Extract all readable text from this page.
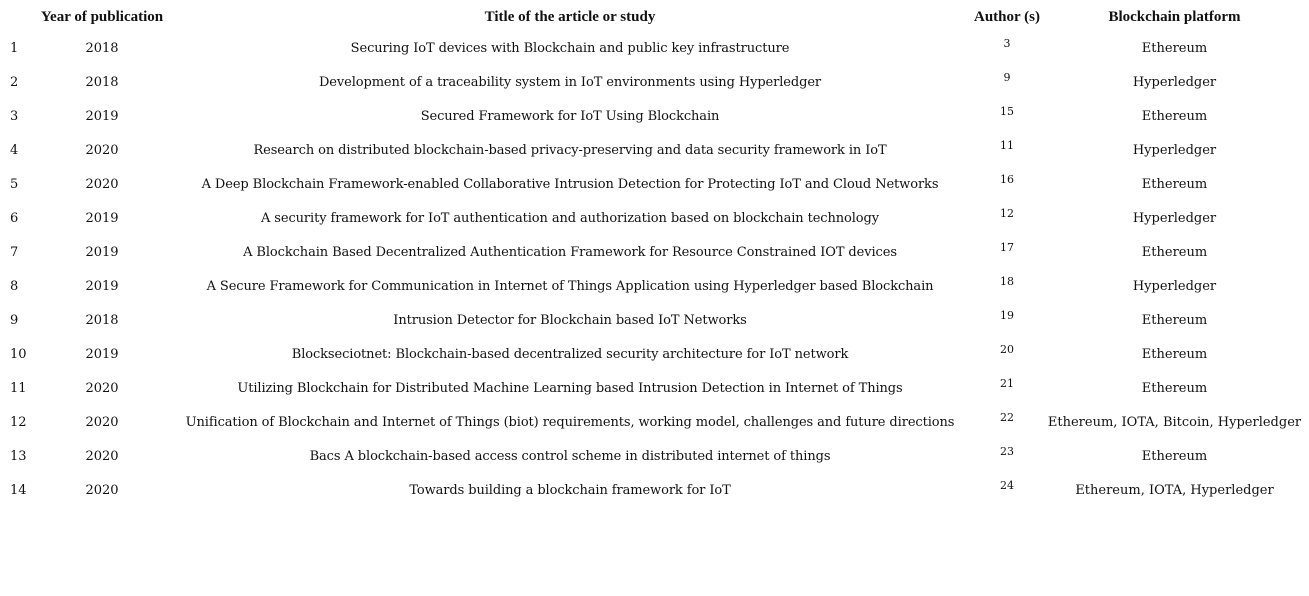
	Year of publication	Title of the article or study	Author (s)	Blockchain platform
1	2018	Securing IoT devices with Blockchain and public key infrastructure	3	Ethereum
2	2018	Development of a traceability system in IoT environments using Hyperledger	9	Hyperledger
3	2019	Secured Framework for IoT Using Blockchain	15	Ethereum
4	2020	Research on distributed blockchain-based privacy-preserving and data security framework in IoT	11	Hyperledger
5	2020	A Deep Blockchain Framework-enabled Collaborative Intrusion Detection for Protecting IoT and Cloud Networks	16	Ethereum
6	2019	A security framework for IoT authentication and authorization based on blockchain technology	12	Hyperledger
7	2019	A Blockchain Based Decentralized Authentication Framework for Resource Constrained IOT devices	17	Ethereum
8	2019	A Secure Framework for Communication in Internet of Things Application using Hyperledger based Blockchain	18	Hyperledger
9	2018	Intrusion Detector for Blockchain based IoT Networks	19	Ethereum
10	2019	Blockseciotnet: Blockchain-based decentralized security architecture for IoT network	20	Ethereum
11	2020	Utilizing Blockchain for Distributed Machine Learning based Intrusion Detection in Internet of Things	21	Ethereum
12	2020	Unification of Blockchain and Internet of Things (biot) requirements, working model, challenges and future directions	22	Ethereum, IOTA, Bitcoin, Hyperledger
13	2020	Bacs A blockchain-based access control scheme in distributed internet of things	23	Ethereum
14	2020	Towards building a blockchain framework for IoT	24	Ethereum, IOTA, Hyperledger
